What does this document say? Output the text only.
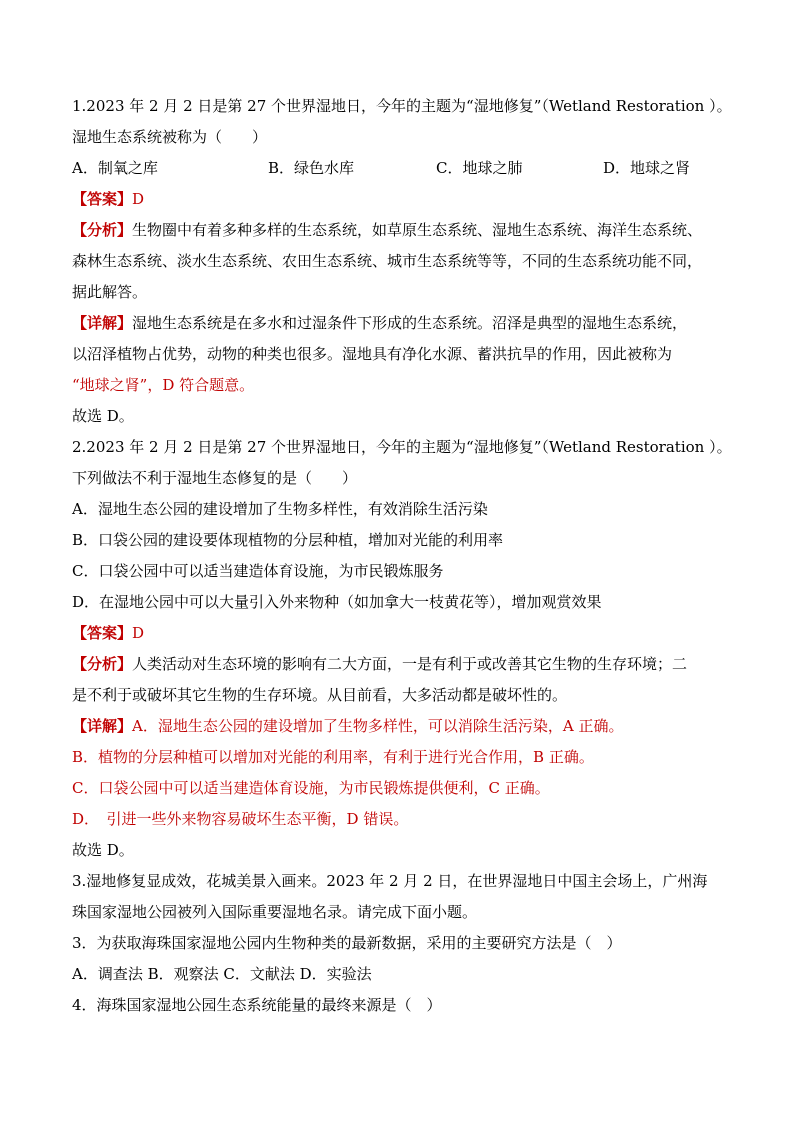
1.2023 年 2 月 2 日是第 27 个世界湿地日，今年的主题为“湿地修复”（Wetland Restoration ）。
湿地生态系统被称为（　　）
A．制氧之库	B．绿色水库	C．地球之肺	D．地球之肾
【答案】D
【分析】生物圈中有着多种多样的生态系统，如草原生态系统、湿地生态系统、海洋生态系统、
森林生态系统、淡水生态系统、农田生态系统、城市生态系统等等，不同的生态系统功能不同，
据此解答。
【详解】湿地生态系统是在多水和过湿条件下形成的生态系统。沼泽是典型的湿地生态系统，
以沼泽植物占优势，动物的种类也很多。湿地具有净化水源、蓄洪抗旱的作用，因此被称为
“地球之肾”，D 符合题意。
故选 D。
2.2023 年 2 月 2 日是第 27 个世界湿地日，今年的主题为“湿地修复”（Wetland Restoration ）。
下列做法不利于湿地生态修复的是（　　）
A．湿地生态公园的建设增加了生物多样性，有效消除生活污染
B．口袋公园的建设要体现植物的分层种植，增加对光能的利用率
C．口袋公园中可以适当建造体育设施，为市民锻炼服务
D．在湿地公园中可以大量引入外来物种（如加拿大一枝黄花等），增加观赏效果
【答案】D
【分析】人类活动对生态环境的影响有二大方面，一是有利于或改善其它生物的生存环境；二
是不利于或破坏其它生物的生存环境。从目前看，大多活动都是破坏性的。
【详解】A．湿地生态公园的建设增加了生物多样性，可以消除生活污染，A 正确。
B．植物的分层种植可以增加对光能的利用率，有利于进行光合作用，B 正确。
C．口袋公园中可以适当建造体育设施，为市民锻炼提供便利，C 正确。
D．　引进一些外来物容易破坏生态平衡，D 错误。
故选 D。
3.湿地修复显成效，花城美景入画来。2023 年 2 月 2 日，在世界湿地日中国主会场上，广州海
珠国家湿地公园被列入国际重要湿地名录。请完成下面小题。
3．为获取海珠国家湿地公园内生物种类的最新数据，采用的主要研究方法是（　）
A．调查法 B．观察法 C．文献法 D．实验法
4．海珠国家湿地公园生态系统能量的最终来源是（　）
